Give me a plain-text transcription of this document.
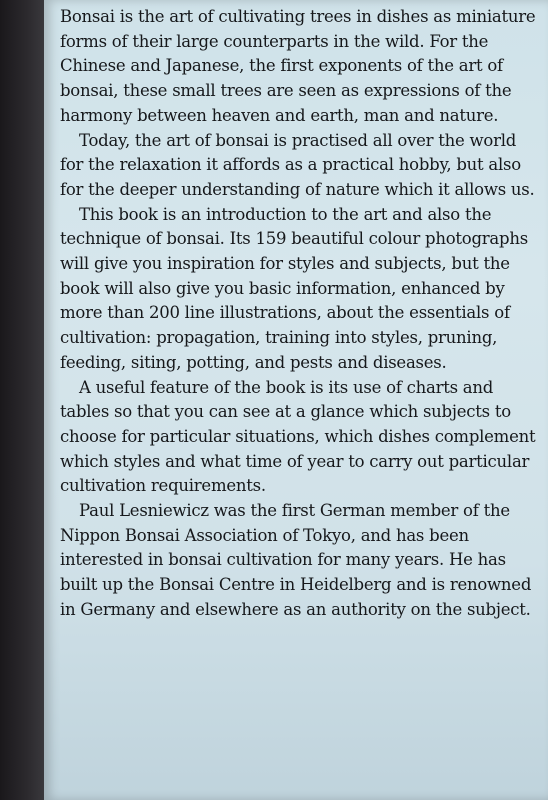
Bonsai is the art of cultivating trees in dishes as miniature forms of their large counterparts in the wild. For the Chinese and Japanese, the first exponents of the art of bonsai, these small trees are seen as expressions of the harmony between heaven and earth, man and nature.

Today, the art of bonsai is practised all over the world for the relaxation it affords as a practical hobby, but also for the deeper understanding of nature which it allows us.

This book is an introduction to the art and also the technique of bonsai. Its 159 beautiful colour photographs will give you inspiration for styles and subjects, but the book will also give you basic information, enhanced by more than 200 line illustrations, about the essentials of cultivation: propagation, training into styles, pruning, feeding, siting, potting, and pests and diseases.

A useful feature of the book is its use of charts and tables so that you can see at a glance which subjects to choose for particular situations, which dishes complement which styles and what time of year to carry out particular cultivation requirements.

Paul Lesniewicz was the first German member of the Nippon Bonsai Association of Tokyo, and has been interested in bonsai cultivation for many years. He has built up the Bonsai Centre in Heidelberg and is renowned in Germany and elsewhere as an authority on the subject.
